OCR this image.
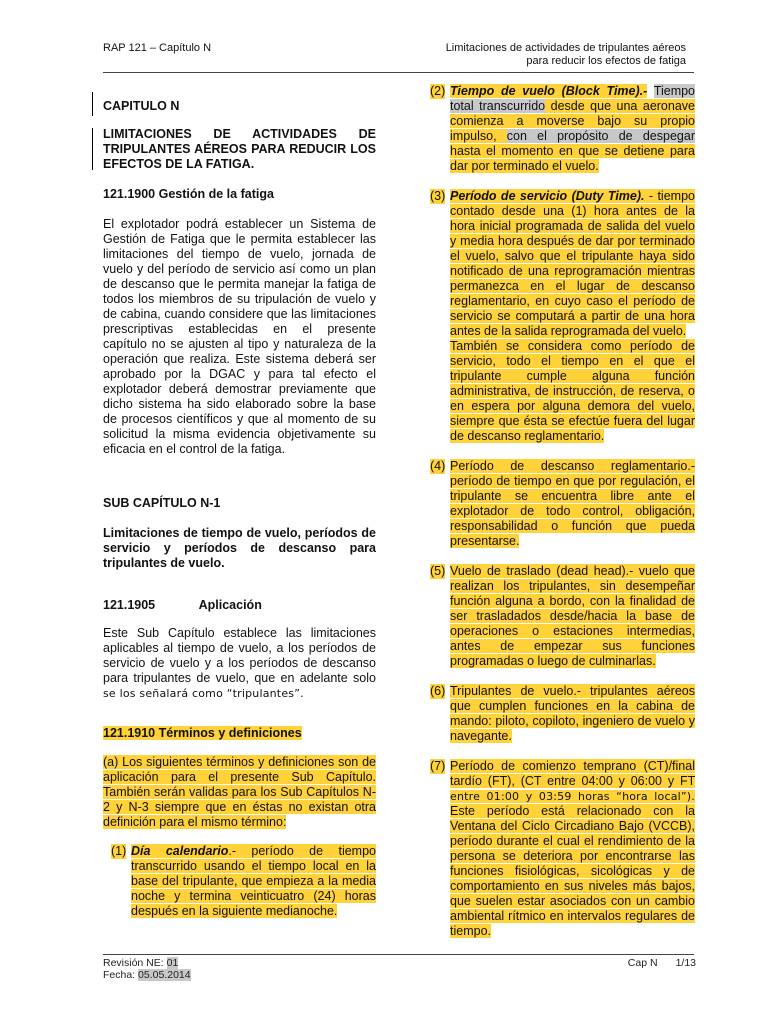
RAP 121 – Capítulo N	Limitaciones de actividades de tripulantes aéreos
para reducir los efectos de fatiga
CAPITULO N
LIMITACIONES DE ACTIVIDADES DE TRIPULANTES AÉREOS PARA REDUCIR LOS EFECTOS DE LA FATIGA.
121.1900 Gestión de la fatiga

El explotador podrá establecer un Sistema de Gestión de Fatiga que le permita establecer las limitaciones del tiempo de vuelo, jornada de vuelo y del período de servicio así como un plan de descanso que le permita manejar la fatiga de todos los miembros de su tripulación de vuelo y de cabina, cuando considere que las limitaciones prescriptivas establecidas en el presente capítulo no se ajusten al tipo y naturaleza de la operación que realiza. Este sistema deberá ser aprobado por la DGAC y para tal efecto el explotador deberá demostrar previamente que dicho sistema ha sido elaborado sobre la base de procesos científicos y que al momento de su solicitud la misma evidencia objetivamente su eficacia en el control de la fatiga.

SUB CAPÍTULO N-1
Limitaciones de tiempo de vuelo, períodos de servicio y períodos de descanso para tripulantes de vuelo.
121.1905	Aplicación

Este Sub Capítulo establece las limitaciones aplicables al tiempo de vuelo, a los períodos de servicio de vuelo y a los períodos de descanso para tripulantes de vuelo, que en adelante solo se los señalará como “tripulantes”.

121.1910 Términos y definiciones

(a) Los siguientes términos y definiciones son de aplicación para el presente Sub Capítulo. También serán validas para los Sub Capítulos N-2 y N-3 siempre que en éstas no existan otra definición para el mismo término:

(1) Día calendario.- período de tiempo transcurrido usando el tiempo local en la base del tripulante, que empieza a la media noche y termina veinticuatro (24) horas después en la siguiente medianoche.
(2) Tiempo de vuelo (Block Time).- Tiempo total transcurrido desde que una aeronave comienza a moverse bajo su propio impulso, con el propósito de despegar hasta el momento en que se detiene para dar por terminado el vuelo.
(3) Período de servicio (Duty Time). - tiempo contado desde una (1) hora antes de la hora inicial programada de salida del vuelo y media hora después de dar por terminado el vuelo, salvo que el tripulante haya sido notificado de una reprogramación mientras permanezca en el lugar de descanso reglamentario, en cuyo caso el período de servicio se computará a partir de una hora antes de la salida reprogramada del vuelo.
También se considera como período de servicio, todo el tiempo en el que el tripulante cumple alguna función administrativa, de instrucción, de reserva, o en espera por alguna demora del vuelo, siempre que ésta se efectúe fuera del lugar de descanso reglamentario.
(4) Período de descanso reglamentario.- período de tiempo en que por regulación, el tripulante se encuentra libre ante el explotador de todo control, obligación, responsabilidad o función que pueda presentarse.
(5) Vuelo de traslado (dead head).- vuelo que realizan los tripulantes, sin desempeñar función alguna a bordo, con la finalidad de ser trasladados desde/hacia la base de operaciones o estaciones intermedias, antes de empezar sus funciones programadas o luego de culminarlas.
(6) Tripulantes de vuelo.- tripulantes aéreos que cumplen funciones en la cabina de mando: piloto, copiloto, ingeniero de vuelo y navegante.
(7) Período de comienzo temprano (CT)/final tardío (FT), (CT entre 04:00 y 06:00 y FT entre 01:00 y 03:59 horas “hora local”). Este período está relacionado con la Ventana del Ciclo Circadiano Bajo (VCCB), período durante el cual el rendimiento de la persona se deteriora por encontrarse las funciones fisiológicas, sicológicas y de comportamiento en sus niveles más bajos, que suelen estar asociados con un cambio ambiental rítmico en intervalos regulares de tiempo.
Revisión NE: 01
Fecha: 05.05.2014
Cap N 1/13
